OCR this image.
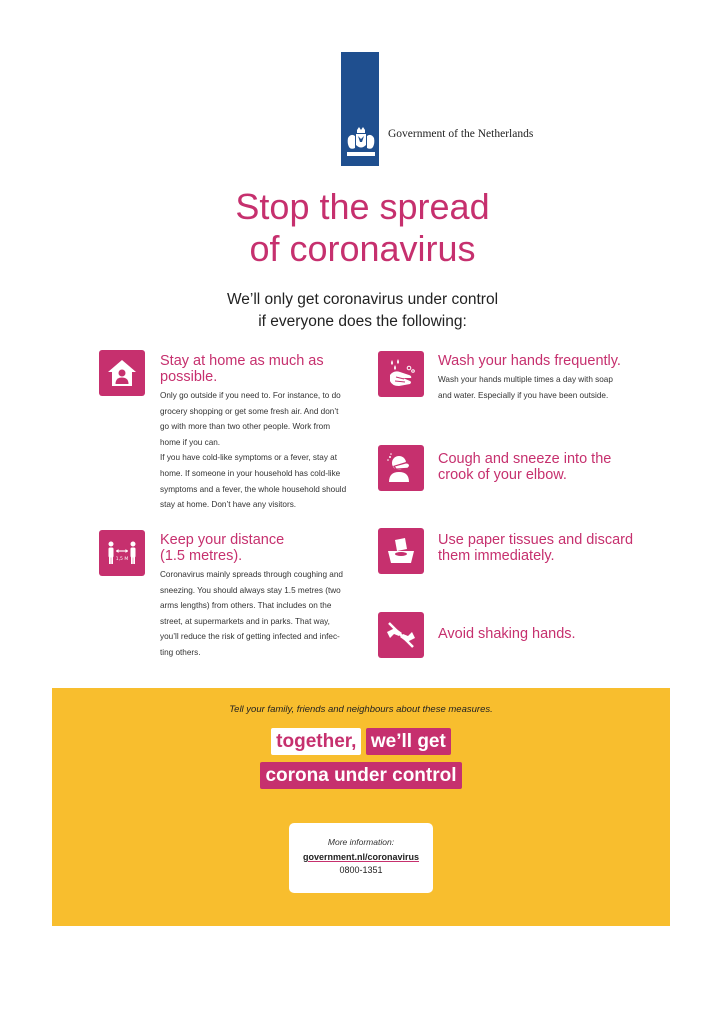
Government of the Netherlands
Stop the spread
of coronavirus
We’ll only get coronavirus under control
if everyone does the following:
Stay at home as much as
possible.
Only go outside if you need to. For instance, to do
grocery shopping or get some fresh air. And don’t
go with more than two other people. Work from
home if you can.
If you have cold-like symptoms or a fever, stay at
home. If someone in your household has cold-like
symptoms and a fever, the whole household should
stay at home. Don’t have any visitors.
1,5 M
Keep your distance
(1.5 metres).
Coronavirus mainly spreads through coughing and
sneezing. You should always stay 1.5 metres (two
arms lengths) from others. That includes on the
street, at supermarkets and in parks. That way,
you’ll reduce the risk of getting infected and infec-
ting others.
Wash your hands frequently.
Wash your hands multiple times a day with soap
and water. Especially if you have been outside.
Cough and sneeze into the
crook of your elbow.
Use paper tissues and discard
them immediately.
Avoid shaking hands.
Tell your family, friends and neighbours about these measures.
together, we’ll get
corona under control
More information:
government.nl/coronavirus
0800-1351
